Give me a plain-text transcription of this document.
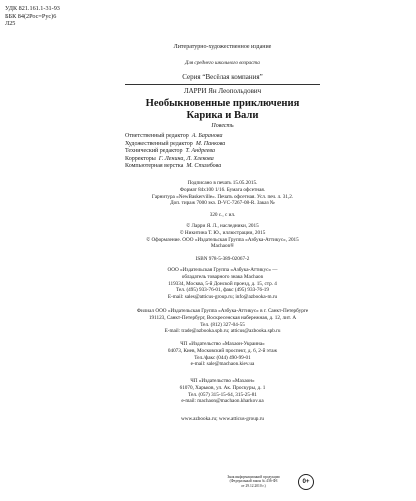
УДК 821.161.1-31-93
ББК 84(2Рос=Рус)6
Л25
Литературно-художественное издание
Для среднего школьного возраста
Серия “Весёлая компания”
ЛАРРИ Ян Леопольдович
Необыкновенные приключения
Карика и Вали
Повесть
Ответственный редактор А. Баранова
Художественный редактор М. Панкова
Технический редактор Т. Андреева
Корректоры Г. Ленина, Л. Хлекова
Компьютерная верстка М. Стамбова
Подписано в печать 15.05.2015.
Формат 84х100 1/16. Бумага офсетная.
Гарнитура «NewBaskerville». Печать офсетная. Усл. печ. л. 31,2.
Доп. тираж 7000 экз. D-VC-7267-08-R. Заказ №
320 с., с ил.
© Ларри Я. Л., наследники, 2015
© Никитина Т. Ю., иллюстрации, 2015
© Оформление. ООО «Издательская Группа «Азбука-Аттикус», 2015
Machaon®
ISBN 978-5-389-02067-2
ООО «Издательская Группа «Азбука-Аттикус» —
обладатель товарного знака Machaon
119334, Москва, 5-й Донской проезд, д. 15, стр. 4
Тел. (495) 933-76-01, факс (495) 933-76-19
E-mail: sales@atticus-group.ru; info@azbooka-m.ru
Филиал ООО «Издательская Группа «Азбука-Аттикус» в г. Санкт-Петербурге
191123, Санкт-Петербург, Воскресенская набережная, д. 12, лит. А
Тел. (812) 327-04-55
E-mail: trade@azbooka.spb.ru; atticus@azbooka.spb.ru
ЧП «Издательство «Махаон-Украина»
04073, Киев, Московский проспект, д. 6, 2-й этаж
Тел./факс (044) 490-99-01
e-mail: sale@machaon.kiev.ua
ЧП «Издательство «Махаон»
61070, Харьков, ул. Ак. Проскуры, д. 1
Тел. (057) 315-15-64, 315-25-81
e-mail: machaon@machaon.kharkov.ua
www.azbooka.ru; www.atticus-group.ru
Знак информационной продукции
(Федеральный закон № 436-ФЗ
от 29.12.2010 г.)
0+
